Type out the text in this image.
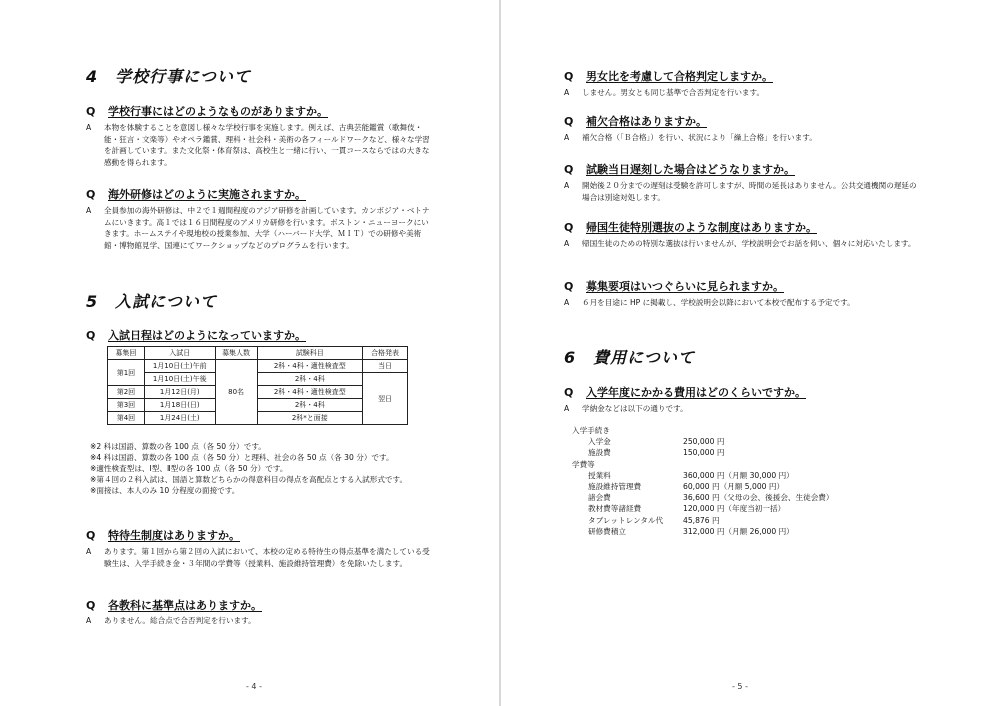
4　学校行事について
Q 学校行事にはどのようなものがありますか。
A 本物を体験することを意図し様々な学校行事を実施します。例えば、古典芸能鑑賞（歌舞伎・能・狂言・文楽等）やオペラ鑑賞、理科・社会科・美術の各フィールドワークなど、様々な学習を計画しています。また文化祭・体育祭は、高校生と一緒に行い、一貫コースならではの大きな感動を得られます。
Q 海外研修はどのように実施されますか。
A 全員参加の海外研修は、中２で１週間程度のアジア研修を計画しています。カンボジア・ベトナムにいきます。高１では１６日間程度のアメリカ研修を行います。ボストン・ニューヨークにいきます。ホームステイや現地校の授業参加、大学（ハーバード大学、ＭＩＴ）での研修や美術館・博物館見学、国連にてワークショップなどのプログラムを行います。
5　入試について
Q 入試日程はどのようになっていますか。
募集回	入試日	募集人数	試験科目	合格発表
第1回	1月10日(土)午前	80名	2科・4科・適性検査型	当日
	1月10日(土)午後		2科・4科	翌日
第2回	1月12日(月)		2科・4科・適性検査型	
第3回	1月18日(日)		2科・4科	
第4回	1月24日(土)		2科*と面接	
※2 科は国語、算数の各 100 点（各 50 分）です。
※4 科は国語、算数の各 100 点（各 50 分）と理科、社会の各 50 点（各 30 分）です。
※適性検査型は、Ⅰ型、Ⅱ型の各 100 点（各 50 分）です。
※第４回の２科入試は、国語と算数どちらかの得意科目の得点を高配点とする入試形式です。
※面接は、本人のみ 10 分程度の面接です。
Q 特待生制度はありますか。
A あります。第１回から第２回の入試において、本校の定める特待生の得点基準を満たしている受験生は、入学手続き金・３年間の学費等（授業料、施設維持管理費）を免除いたします。
Q 各教科に基準点はありますか。
A ありません。総合点で合否判定を行います。
- 4 -
Q 男女比を考慮して合格判定しますか。
A しません。男女とも同じ基準で合否判定を行います。
Q 補欠合格はありますか。
A 補欠合格（「Ｂ合格」）を行い、状況により「繰上合格」を行います。
Q 試験当日遅刻した場合はどうなりますか。
A 開始後２０分までの遅刻は受験を許可しますが、時間の延長はありません。公共交通機関の遅延の場合は別途対処します。
Q 帰国生徒特別選抜のような制度はありますか。
A 帰国生徒のための特別な選抜は行いませんが、学校説明会でお話を伺い、個々に対応いたします。
Q 募集要項はいつぐらいに見られますか。
A ６月を目途に HP に掲載し、学校説明会以降において本校で配布する予定です。
6　費用について
Q 入学年度にかかる費用はどのくらいですか。
A 学納金などは以下の通りです。
入学手続き
入学金	250,000 円
施設費	150,000 円
学費等
授業料	360,000 円（月額 30,000 円）
施設維持管理費	60,000 円（月額 5,000 円）
諸会費	36,600 円（父母の会、後援会、生徒会費）
教材費等諸経費	120,000 円（年度当初一括）
タブレットレンタル代	45,876 円
研修費積立	312,000 円（月額 26,000 円）
- 5 -
